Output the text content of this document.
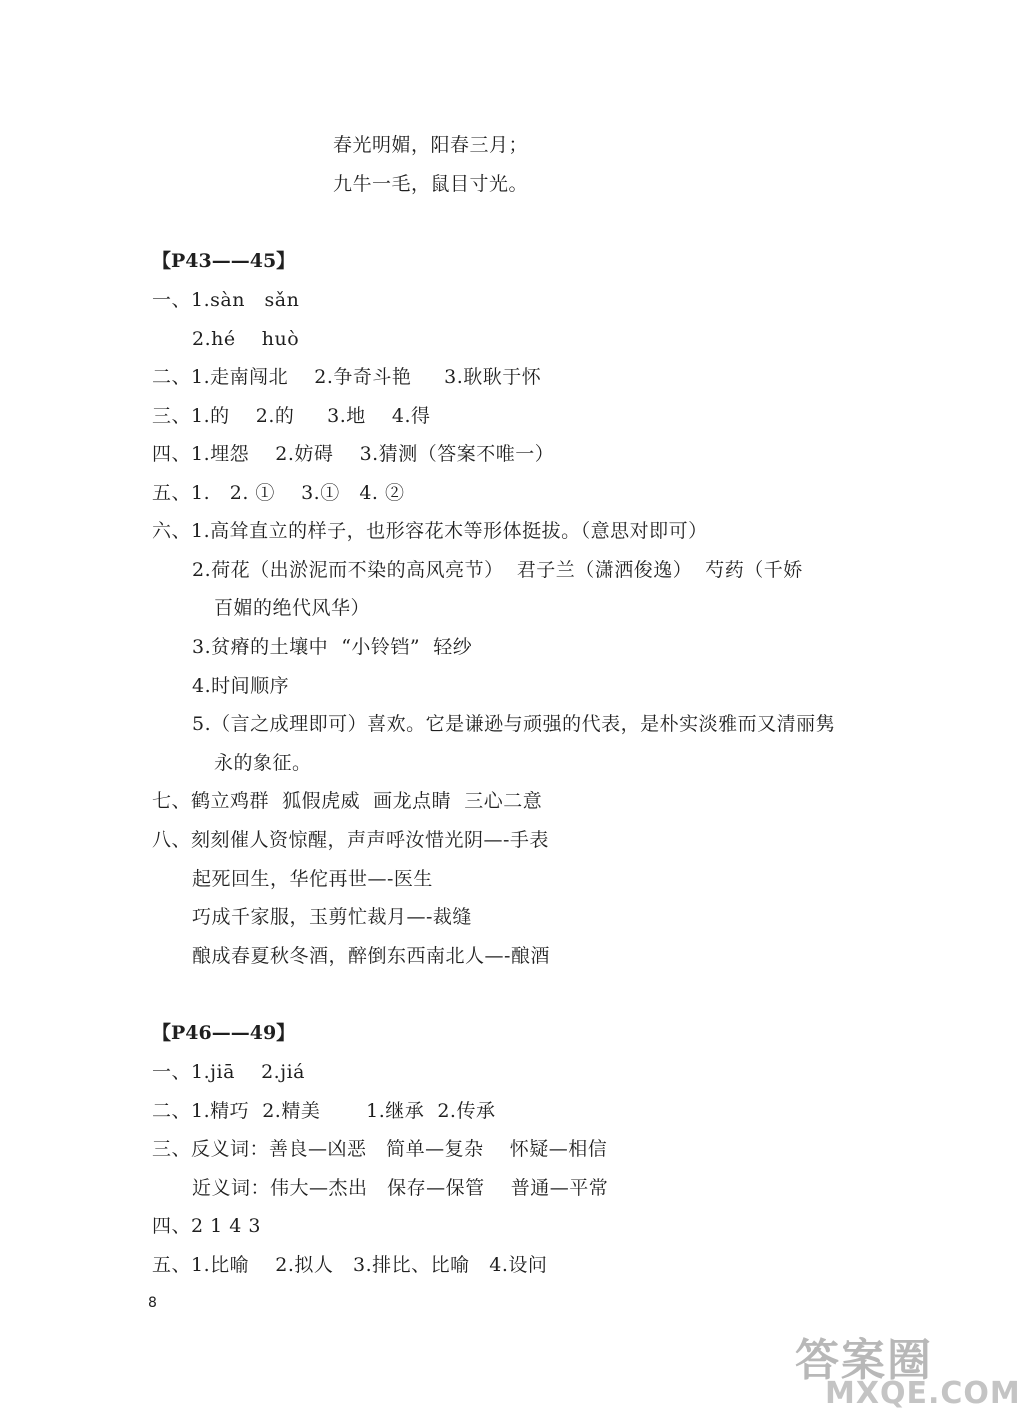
春光明媚，阳春三月；
九牛一毛，鼠目寸光。
【P43——45】
一、1.sàn   sǎn
2.hé    huò
二、1.走南闯北    2.争奇斗艳     3.耿耿于怀
三、1.的    2.的     3.地    4.得
四、1.埋怨    2.妨碍    3.猜测（答案不唯一）
五、1.   2. ①    3.①   4. ②
六、1.高耸直立的样子，也形容花木等形体挺拔。（意思对即可）
2.荷花（出淤泥而不染的高风亮节）  君子兰（潇洒俊逸）  芍药（千娇
百媚的绝代风华）
3.贫瘠的土壤中  “小铃铛”  轻纱
4.时间顺序
5.（言之成理即可）喜欢。它是谦逊与顽强的代表，是朴实淡雅而又清丽隽
永的象征。
七、鹤立鸡群  狐假虎威  画龙点睛  三心二意
八、刻刻催人资惊醒，声声呼汝惜光阴—-手表
起死回生，华佗再世—-医生
巧成千家服，玉剪忙裁月—-裁缝
酿成春夏秋冬酒，醉倒东西南北人—-酿酒
【P46——49】
一、1.jiā    2.jiá
二、1.精巧  2.精美       1.继承  2.传承
三、反义词：善良—凶恶   简单—复杂    怀疑—相信
近义词：伟大—杰出   保存—保管    普通—平常
四、2 1 4 3
五、1.比喻    2.拟人   3.排比、比喻   4.设问
8
答案圈
MXQE.COM
